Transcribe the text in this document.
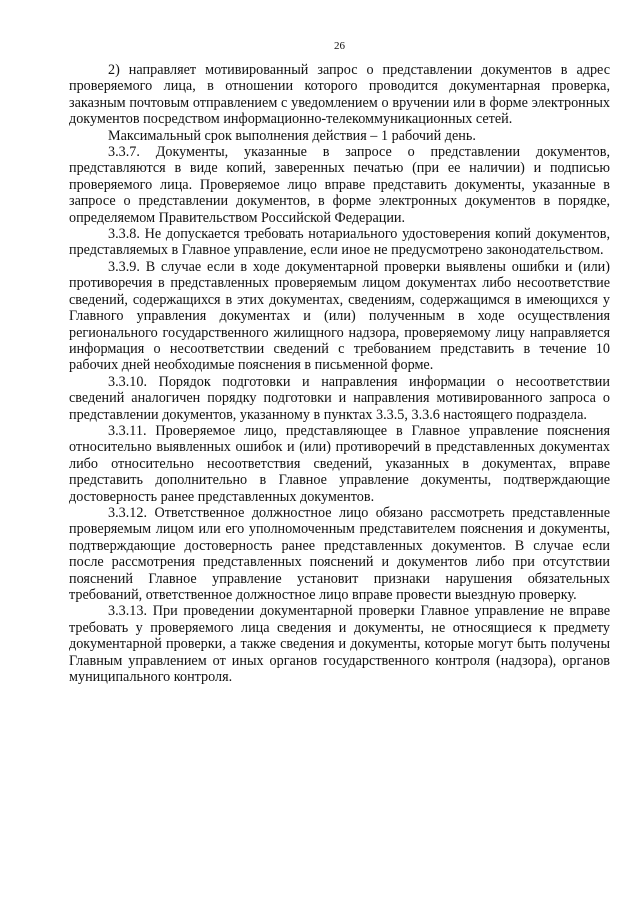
26

2) направляет мотивированный запрос о представлении документов в адрес проверяемого лица, в отношении которого проводится документарная проверка, заказным почтовым отправлением с уведомлением о вручении или в форме электронных документов посредством информационно-телекоммуникационных сетей.

Максимальный срок выполнения действия – 1 рабочий день.

3.3.7. Документы, указанные в запросе о представлении документов, представляются в виде копий, заверенных печатью (при ее наличии) и подписью проверяемого лица. Проверяемое лицо вправе представить документы, указанные в запросе о представлении документов, в форме электронных документов в порядке, определяемом Правительством Российской Федерации.

3.3.8. Не допускается требовать нотариального удостоверения копий документов, представляемых в Главное управление, если иное не предусмотрено законодательством.

3.3.9. В случае если в ходе документарной проверки выявлены ошибки и (или) противоречия в представленных проверяемым лицом документах либо несоответствие сведений, содержащихся в этих документах, сведениям, содержащимся в имеющихся у Главного управления документах и (или) полученным в ходе осуществления регионального государственного жилищного надзора, проверяемому лицу направляется информация о несоответствии сведений с требованием представить в течение 10 рабочих дней необходимые пояснения в письменной форме.

3.3.10. Порядок подготовки и направления информации о несоответствии сведений аналогичен порядку подготовки и направления мотивированного запроса о представлении документов, указанному в пунктах 3.3.5, 3.3.6 настоящего подраздела.

3.3.11. Проверяемое лицо, представляющее в Главное управление пояснения относительно выявленных ошибок и (или) противоречий в представленных документах либо относительно несоответствия сведений, указанных в документах, вправе представить дополнительно в Главное управление документы, подтверждающие достоверность ранее представленных документов.

3.3.12. Ответственное должностное лицо обязано рассмотреть представленные проверяемым лицом или его уполномоченным представителем пояснения и документы, подтверждающие достоверность ранее представленных документов. В случае если после рассмотрения представленных пояснений и документов либо при отсутствии пояснений Главное управление установит признаки нарушения обязательных требований, ответственное должностное лицо вправе провести выездную проверку.

3.3.13. При проведении документарной проверки Главное управление не вправе требовать у проверяемого лица сведения и документы, не относящиеся к предмету документарной проверки, а также сведения и документы, которые могут быть получены Главным управлением от иных органов государственного контроля (надзора), органов муниципального контроля.
